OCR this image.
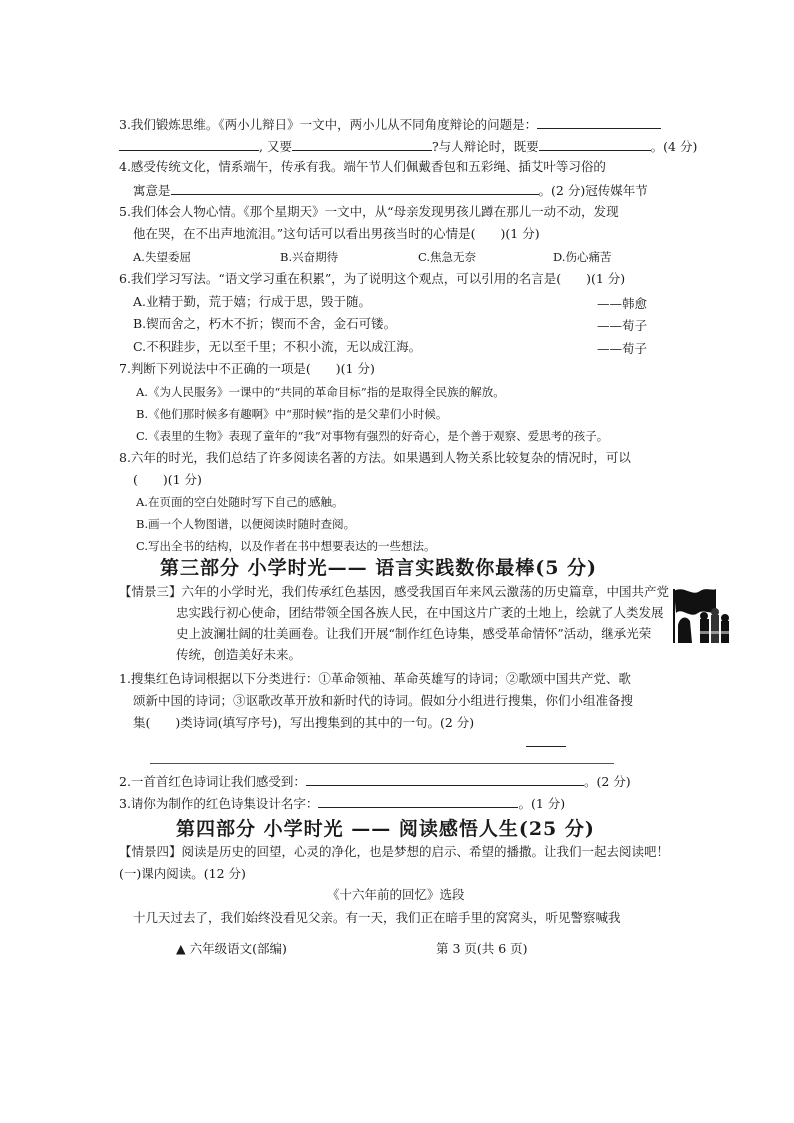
3.我们锻炼思维。《两小儿辩日》一文中，两小儿从不同角度辩论的问题是：
, 又要	?与人辩论时，既要	。(4 分)
4.感受传统文化，情系端午，传承有我。端午节人们佩戴香包和五彩绳、插艾叶等习俗的
寓意是	。(2 分)冠传媒年节
5.我们体会人物心情。《那个星期天》一文中，从“母亲发现男孩儿蹲在那儿一动不动，发现
他在哭，在不出声地流泪。”这句话可以看出男孩当时的心情是(　　)(1 分)
A.失望委屈	B.兴奋期待	C.焦急无奈	D.伤心痛苦
6.我们学习写法。“语文学习重在积累”，为了说明这个观点，可以引用的名言是(　　)(1 分)
A.业精于勤，荒于嬉；行成于思，毁于随。	——韩愈
B.锲而舍之，朽木不折；锲而不舍，金石可镂。	——荀子
C.不积跬步，无以至千里；不积小流，无以成江海。	——荀子
7.判断下列说法中不正确的一项是(　　)(1 分)
A.《为人民服务》一课中的“共同的革命目标”指的是取得全民族的解放。
B.《他们那时候多有趣啊》中“那时候”指的是父辈们小时候。
C.《表里的生物》表现了童年的“我”对事物有强烈的好奇心，是个善于观察、爱思考的孩子。
8.六年的时光，我们总结了许多阅读名著的方法。如果遇到人物关系比较复杂的情况时，可以
(　　)(1 分)
A.在页面的空白处随时写下自己的感触。
B.画一个人物图谱，以便阅读时随时查阅。
C.写出全书的结构，以及作者在书中想要表达的一些想法。
第三部分 小学时光—— 语言实践数你最棒(5 分)
【情景三】六年的小学时光，我们传承红色基因，感受我国百年来风云激荡的历史篇章，中国共产党
忠实践行初心使命，团结带领全国各族人民，在中国这片广袤的土地上，绘就了人类发展
史上波澜壮阔的壮美画卷。让我们开展“制作红色诗集，感受革命情怀”活动，继承光荣
传统，创造美好未来。
1.搜集红色诗词根据以下分类进行：①革命领袖、革命英雄写的诗词；②歌颂中国共产党、歌
颂新中国的诗词；③讴歌改革开放和新时代的诗词。假如分小组进行搜集，你们小组准备搜
集(　　)类诗词(填写序号)，写出搜集到的其中的一句。(2 分)
2.一首首红色诗词让我们感受到：	。(2 分)
3.请你为制作的红色诗集设计名字：	。(1 分)
第四部分 小学时光 —— 阅读感悟人生(25 分)
【情景四】阅读是历史的回望，心灵的净化，也是梦想的启示、希望的播撒。让我们一起去阅读吧！
(一)课内阅读。(12 分)
《十六年前的回忆》选段
十几天过去了，我们始终没看见父亲。有一天，我们正在暗手里的窝窝头，听见警察喊我
▲ 六年级语文(部编)	第 3 页(共 6 页)
